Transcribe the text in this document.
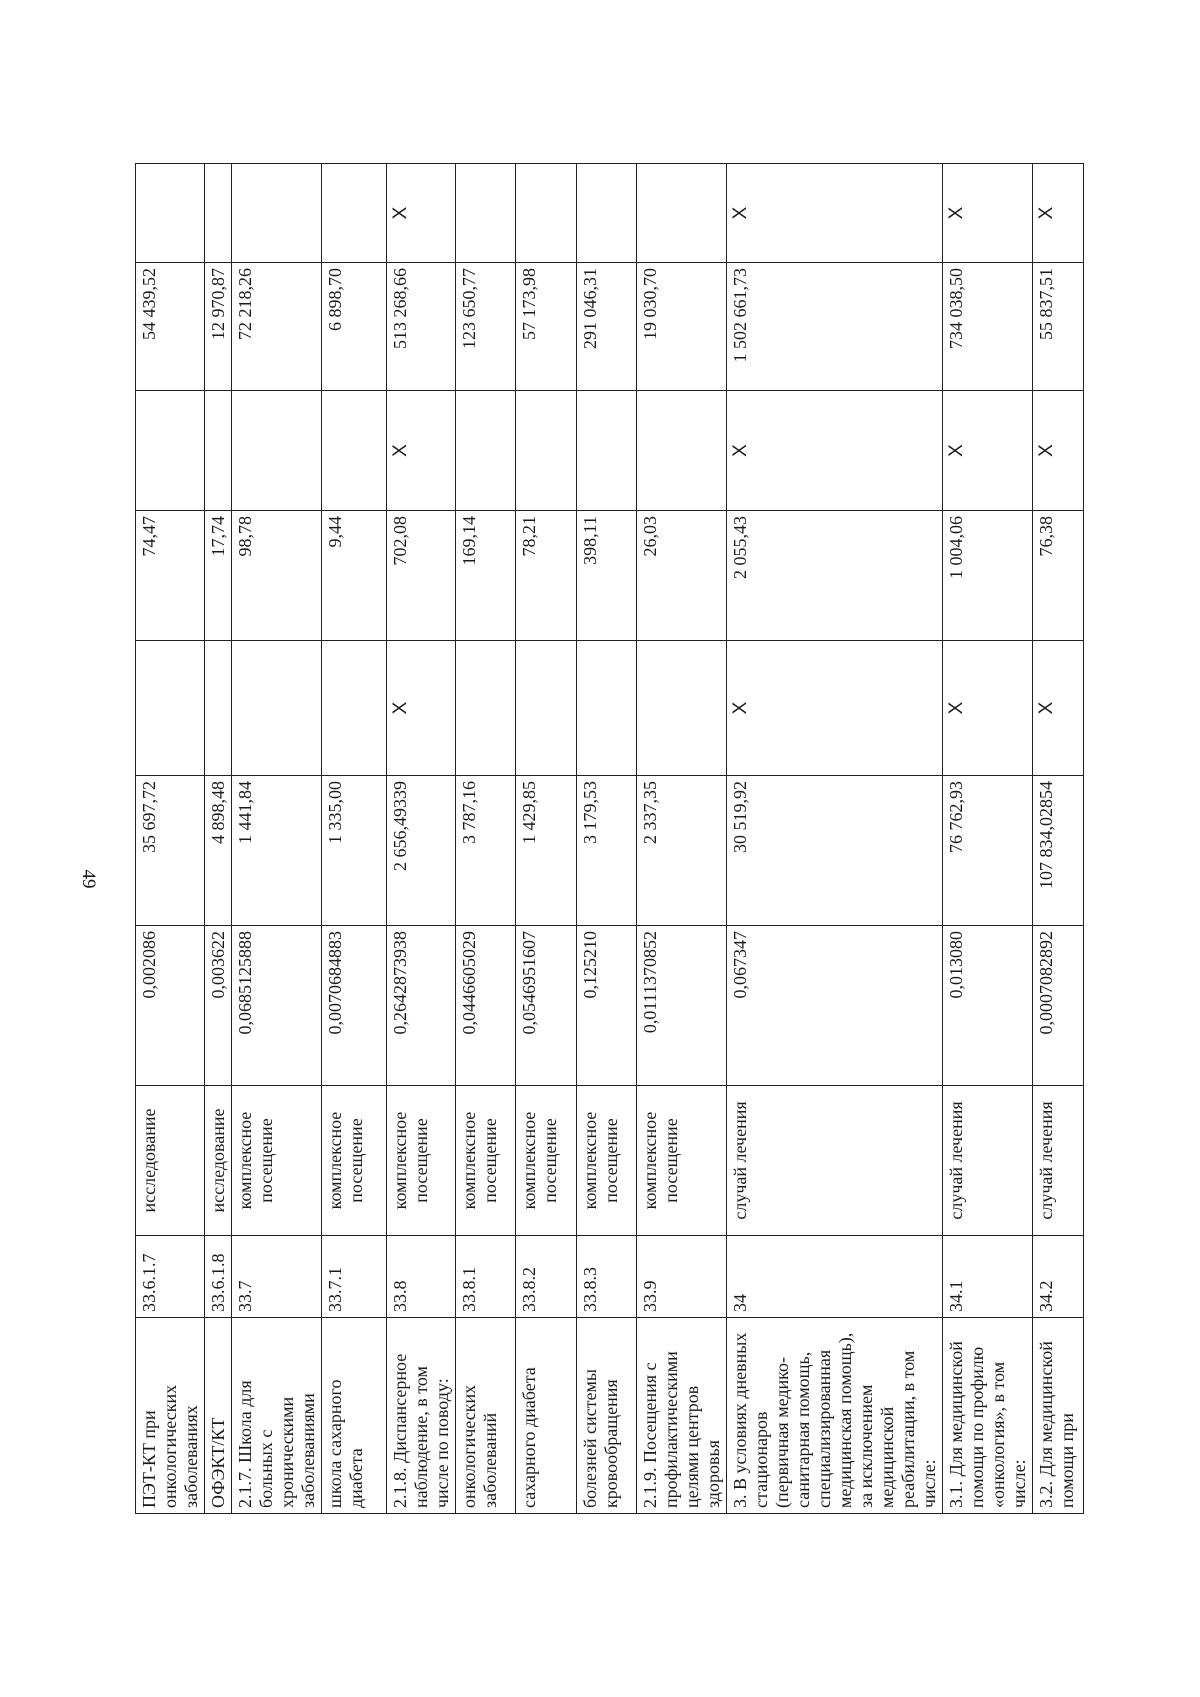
49
ПЭТ-КТ при онкологических заболеваниях	33.6.1.7	исследование	0,002086	35 697,72		74,47		54 439,52	
ОФЭКТ/КТ	33.6.1.8	исследование	0,003622	4 898,48		17,74		12 970,87	
2.1.7. Школа для больных с хроническими заболеваниями	33.7	комплексное посещение	0,0685125888	1 441,84		98,78		72 218,26	
школа сахарного диабета	33.7.1	комплексное посещение	0,0070684883	1 335,00		9,44		6 898,70	
2.1.8. Диспансерное наблюдение, в том числе по поводу:	33.8	комплексное посещение	0,2642873938	2 656,49339	X	702,08	X	513 268,66	X
онкологических заболеваний	33.8.1	комплексное посещение	0,0446605029	3 787,16		169,14		123 650,77	
сахарного диабета	33.8.2	комплексное посещение	0,0546951607	1 429,85		78,21		57 173,98	
болезней системы кровообращения	33.8.3	комплексное посещение	0,125210	3 179,53		398,11		291 046,31	
2.1.9. Посещения с профилактическими целями центров здоровья	33.9	комплексное посещение	0,0111370852	2 337,35		26,03		19 030,70	
3. В условиях дневных стационаров (первичная медико-санитарная помощь, специализированная медицинская помощь), за исключением медицинской реабилитации, в том числе:	34	случай лечения	0,067347	30 519,92	X	2 055,43	X	1 502 661,73	X
3.1. Для медицинской помощи по профилю «онкология», в том числе:	34.1	случай лечения	0,013080	76 762,93	X	1 004,06	X	734 038,50	X
3.2. Для медицинской помощи при	34.2	случай лечения	0,0007082892	107 834,02854	X	76,38	X	55 837,51	X
